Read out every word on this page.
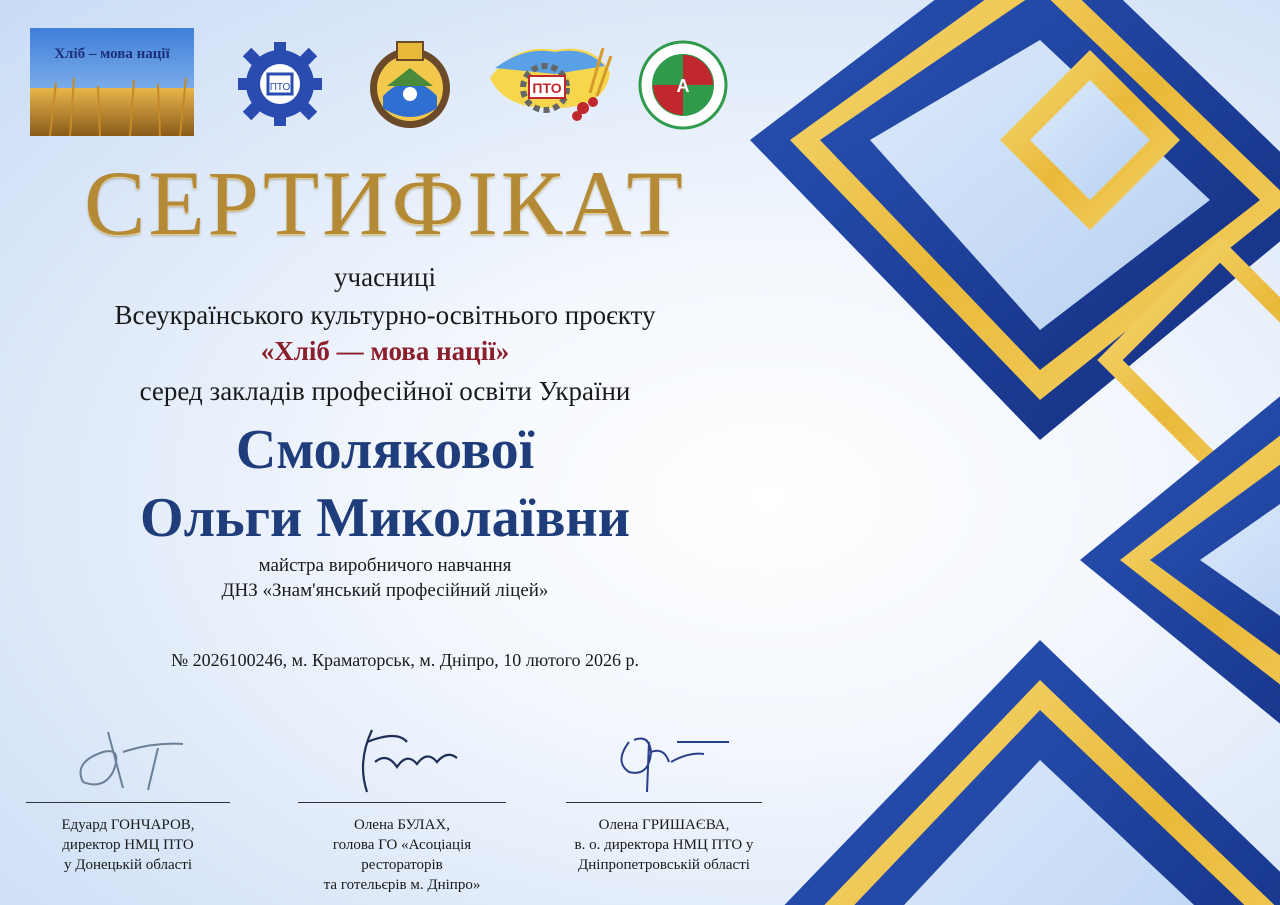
Хліб – мова нації
ПТО	ПТО	A
СЕРТИФІКАТ
учасниці
Всеукраїнського культурно-освітнього проєкту
«Хліб — мова нації»
серед закладів професійної освіти України
Смолякової
Ольги Миколаївни
майстра виробничого навчання
ДНЗ «Знам'янський професійний ліцей»
№ 2026100246, м. Краматорськ, м. Дніпро, 10 лютого 2026 р.
Едуард ГОНЧАРОВ,
директор НМЦ ПТО
у Донецькій області
Олена БУЛАХ,
голова ГО «Асоціація рестораторів
та готельєрів м. Дніпро»
Олена ГРИШАЄВА,
в. о. директора НМЦ ПТО у
Дніпропетровській області
